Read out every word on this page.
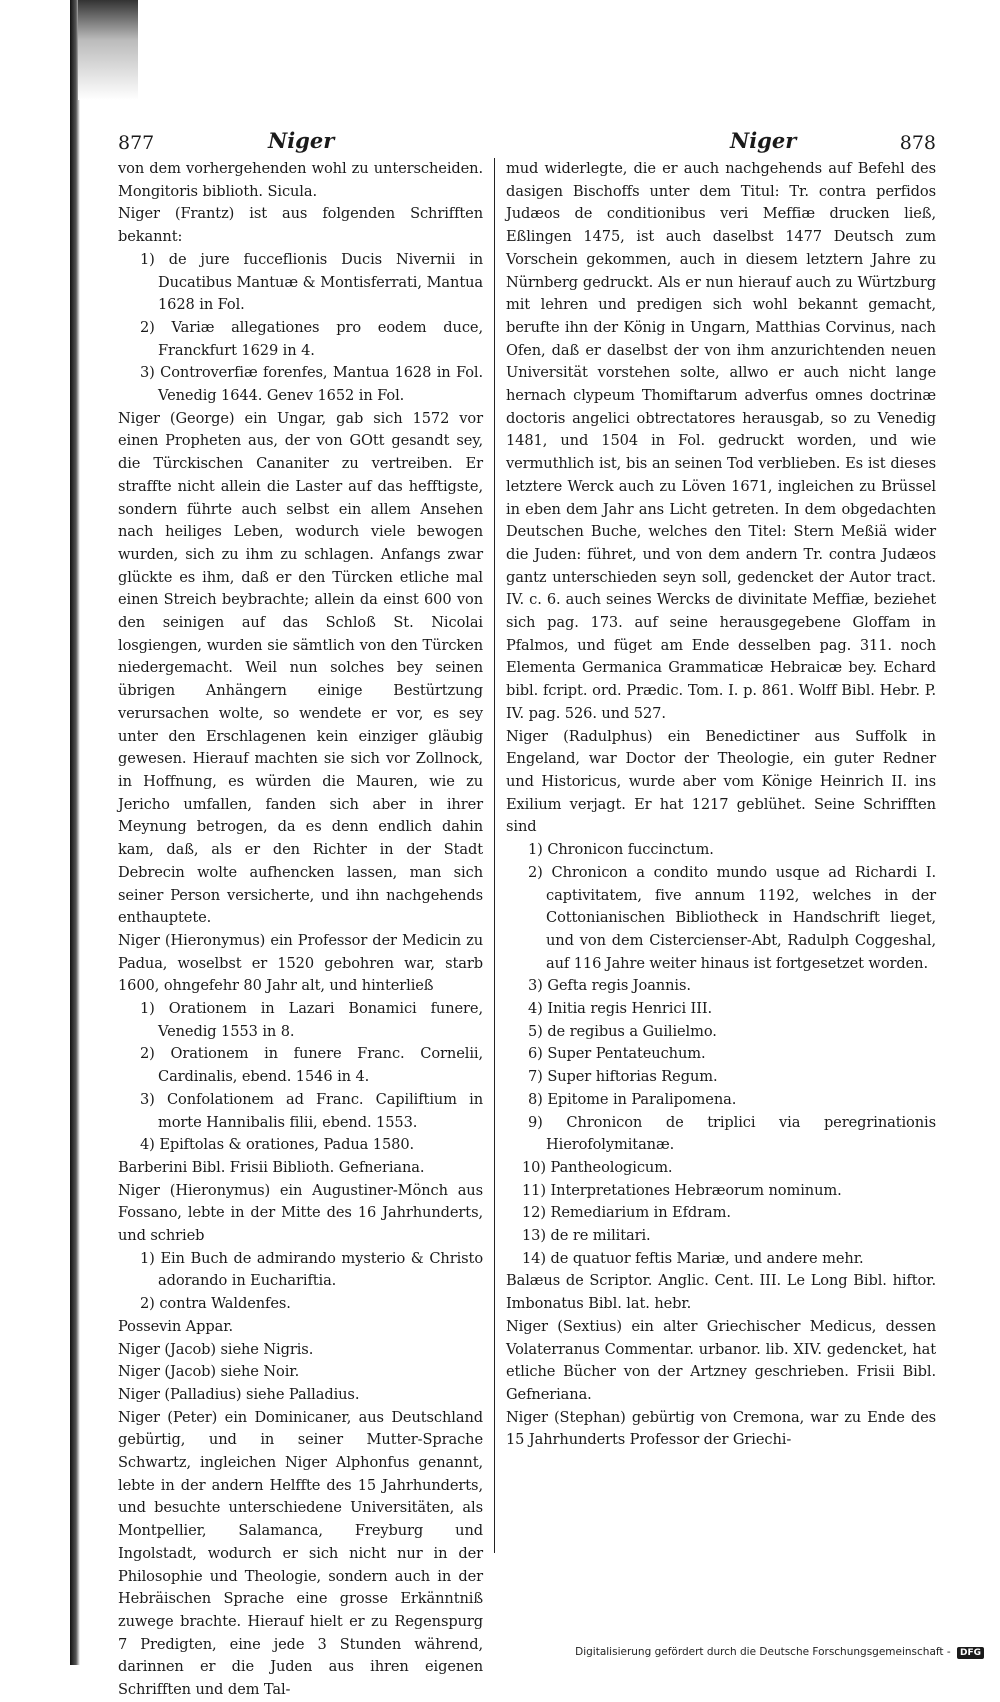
877	Niger	Niger	878

von dem vorhergehenden wohl zu unterscheiden. Mongitoris biblioth. Sicula.

Niger (Frantz) ist aus folgenden Schrifften bekannt:

1) de jure fucceflionis Ducis Nivernii in Ducatibus Mantuæ & Montisferrati, Mantua 1628 in Fol.

2) Variæ allegationes pro eodem duce, Franckfurt 1629 in 4.

3) Controverfiæ forenfes, Mantua 1628 in Fol. Venedig 1644. Genev 1652 in Fol.

Niger (George) ein Ungar, gab sich 1572 vor einen Propheten aus, der von GOtt gesandt sey, die Türckischen Cananiter zu vertreiben. Er straffte nicht allein die Laster auf das hefftigste, sondern führte auch selbst ein allem Ansehen nach heiliges Leben, wodurch viele bewogen wurden, sich zu ihm zu schlagen. Anfangs zwar glückte es ihm, daß er den Türcken etliche mal einen Streich beybrachte; allein da einst 600 von den seinigen auf das Schloß St. Nicolai losgiengen, wurden sie sämtlich von den Türcken niedergemacht. Weil nun solches bey seinen übrigen Anhängern einige Bestürtzung verursachen wolte, so wendete er vor, es sey unter den Erschlagenen kein einziger gläubig gewesen. Hierauf machten sie sich vor Zollnock, in Hoffnung, es würden die Mauren, wie zu Jericho umfallen, fanden sich aber in ihrer Meynung betrogen, da es denn endlich dahin kam, daß, als er den Richter in der Stadt Debrecin wolte aufhencken lassen, man sich seiner Person versicherte, und ihn nachgehends enthauptete.

Niger (Hieronymus) ein Professor der Medicin zu Padua, woselbst er 1520 gebohren war, starb 1600, ohngefehr 80 Jahr alt, und hinterließ

1) Orationem in Lazari Bonamici funere, Venedig 1553 in 8.

2) Orationem in funere Franc. Cornelii, Cardinalis, ebend. 1546 in 4.

3) Confolationem ad Franc. Capiliftium in morte Hannibalis filii, ebend. 1553.

4) Epiftolas & orationes, Padua 1580.

Barberini Bibl. Frisii Biblioth. Gefneriana.

Niger (Hieronymus) ein Augustiner-Mönch aus Fossano, lebte in der Mitte des 16 Jahrhunderts, und schrieb

1) Ein Buch de admirando mysterio & Christo adorando in Euchariftia.

2) contra Waldenfes.

Possevin Appar.

Niger (Jacob) siehe Nigris.

Niger (Jacob) siehe Noir.

Niger (Palladius) siehe Palladius.

Niger (Peter) ein Dominicaner, aus Deutschland gebürtig, und in seiner Mutter-Sprache Schwartz, ingleichen Niger Alphonfus genannt, lebte in der andern Helffte des 15 Jahrhunderts, und besuchte unterschiedene Universitäten, als Montpellier, Salamanca, Freyburg und Ingolstadt, wodurch er sich nicht nur in der Philosophie und Theologie, sondern auch in der Hebräischen Sprache eine grosse Erkänntniß zuwege brachte. Hierauf hielt er zu Regenspurg 7 Predigten, eine jede 3 Stunden während, darinnen er die Juden aus ihren eigenen Schrifften und dem Tal-

mud widerlegte, die er auch nachgehends auf Befehl des dasigen Bischoffs unter dem Titul: Tr. contra perfidos Judæos de conditionibus veri Meffiæ drucken ließ, Eßlingen 1475, ist auch daselbst 1477 Deutsch zum Vorschein gekommen, auch in diesem letztern Jahre zu Nürnberg gedruckt. Als er nun hierauf auch zu Würtzburg mit lehren und predigen sich wohl bekannt gemacht, berufte ihn der König in Ungarn, Matthias Corvinus, nach Ofen, daß er daselbst der von ihm anzurichtenden neuen Universität vorstehen solte, allwo er auch nicht lange hernach clypeum Thomiftarum adverfus omnes doctrinæ doctoris angelici obtrectatores herausgab, so zu Venedig 1481, und 1504 in Fol. gedruckt worden, und wie vermuthlich ist, bis an seinen Tod verblieben. Es ist dieses letztere Werck auch zu Löven 1671, ingleichen zu Brüssel in eben dem Jahr ans Licht getreten. In dem obgedachten Deutschen Buche, welches den Titel: Stern Meßiä wider die Juden: führet, und von dem andern Tr. contra Judæos gantz unterschieden seyn soll, gedencket der Autor tract. IV. c. 6. auch seines Wercks de divinitate Meffiæ, beziehet sich pag. 173. auf seine herausgegebene Gloffam in Pfalmos, und füget am Ende desselben pag. 311. noch Elementa Germanica Grammaticæ Hebraicæ bey. Echard bibl. fcript. ord. Prædic. Tom. I. p. 861. Wolff Bibl. Hebr. P. IV. pag. 526. und 527.

Niger (Radulphus) ein Benedictiner aus Suffolk in Engeland, war Doctor der Theologie, ein guter Redner und Historicus, wurde aber vom Könige Heinrich II. ins Exilium verjagt. Er hat 1217 geblühet. Seine Schrifften sind

1) Chronicon fuccinctum.

2) Chronicon a condito mundo usque ad Richardi I. captivitatem, five annum 1192, welches in der Cottonianischen Bibliotheck in Handschrift lieget, und von dem Cistercienser-Abt, Radulph Coggeshal, auf 116 Jahre weiter hinaus ist fortgesetzet worden.

3) Gefta regis Joannis.

4) Initia regis Henrici III.

5) de regibus a Guilielmo.

6) Super Pentateuchum.

7) Super hiftorias Regum.

8) Epitome in Paralipomena.

9) Chronicon de triplici via peregrinationis Hierofolymitanæ.

10) Pantheologicum.

11) Interpretationes Hebræorum nominum.

12) Remediarium in Efdram.

13) de re militari.

14) de quatuor feftis Mariæ, und andere mehr.

Balæus de Scriptor. Anglic. Cent. III. Le Long Bibl. hiftor. Imbonatus Bibl. lat. hebr.

Niger (Sextius) ein alter Griechischer Medicus, dessen Volaterranus Commentar. urbanor. lib. XIV. gedencket, hat etliche Bücher von der Artzney geschrieben. Frisii Bibl. Gefneriana.

Niger (Stephan) gebürtig von Cremona, war zu Ende des 15 Jahrhunderts Professor der Griechi-

Digitalisierung gefördert durch die Deutsche Forschungsgemeinschaft - DFG
